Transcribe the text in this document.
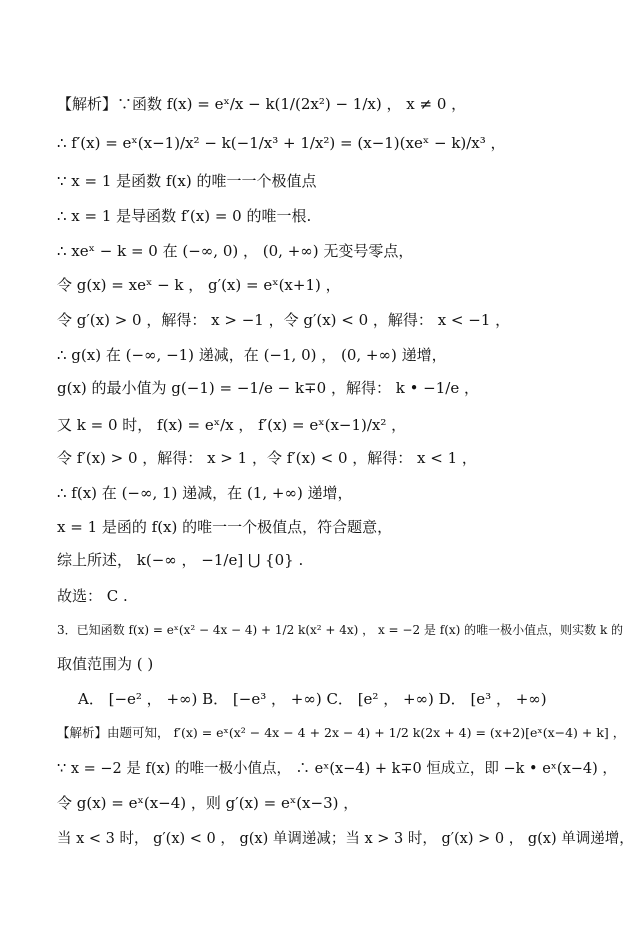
【解析】∵函数 f(x) = eˣ/x − k(1/(2x²) − 1/x) ， x ≠ 0 ，
∴ f′(x) = eˣ(x−1)/x² − k(−1/x³ + 1/x²) = (x−1)(xeˣ − k)/x³ ，
∵ x = 1 是函数 f(x) 的唯一一个极值点
∴ x = 1 是导函数 f′(x) = 0 的唯一根.
∴ xeˣ − k = 0 在 (−∞, 0) ， (0, +∞) 无变号零点，
令 g(x) = xeˣ − k ， g′(x) = eˣ(x+1) ，
令 g′(x) > 0 ，解得： x > −1 ，令 g′(x) < 0 ，解得： x < −1 ，
∴ g(x) 在 (−∞, −1) 递减，在 (−1, 0) ， (0, +∞) 递增，
g(x) 的最小值为 g(−1) = −1/e − k∓0 ，解得： k • −1/e ，
又 k = 0 时， f(x) = eˣ/x ， f′(x) = eˣ(x−1)/x² ，
令 f′(x) > 0 ，解得： x > 1 ，令 f′(x) < 0 ，解得： x < 1 ，
∴ f(x) 在 (−∞, 1) 递减，在 (1, +∞) 递增，
x = 1 是函的 f(x) 的唯一一个极值点，符合题意，
综上所述， k(−∞ ， −1/e] ⋃ {0} .
故选： C .
3．已知函数 f(x) = eˣ(x² − 4x − 4) + 1/2 k(x² + 4x) ， x = −2 是 f(x) 的唯一极小值点，则实数 k 的
取值范围为 ( )
A． [−e² ， +∞) B． [−e³ ， +∞) C． [e² ， +∞) D． [e³ ， +∞)
【解析】由题可知， f′(x) = eˣ(x² − 4x − 4 + 2x − 4) + 1/2 k(2x + 4) = (x+2)[eˣ(x−4) + k] ，
∵ x = −2 是 f(x) 的唯一极小值点， ∴ eˣ(x−4) + k∓0 恒成立，即 −k • eˣ(x−4) ，
令 g(x) = eˣ(x−4) ，则 g′(x) = eˣ(x−3) ，
当 x < 3 时， g′(x) < 0 ， g(x) 单调递减；当 x > 3 时， g′(x) > 0 ， g(x) 单调递增，
